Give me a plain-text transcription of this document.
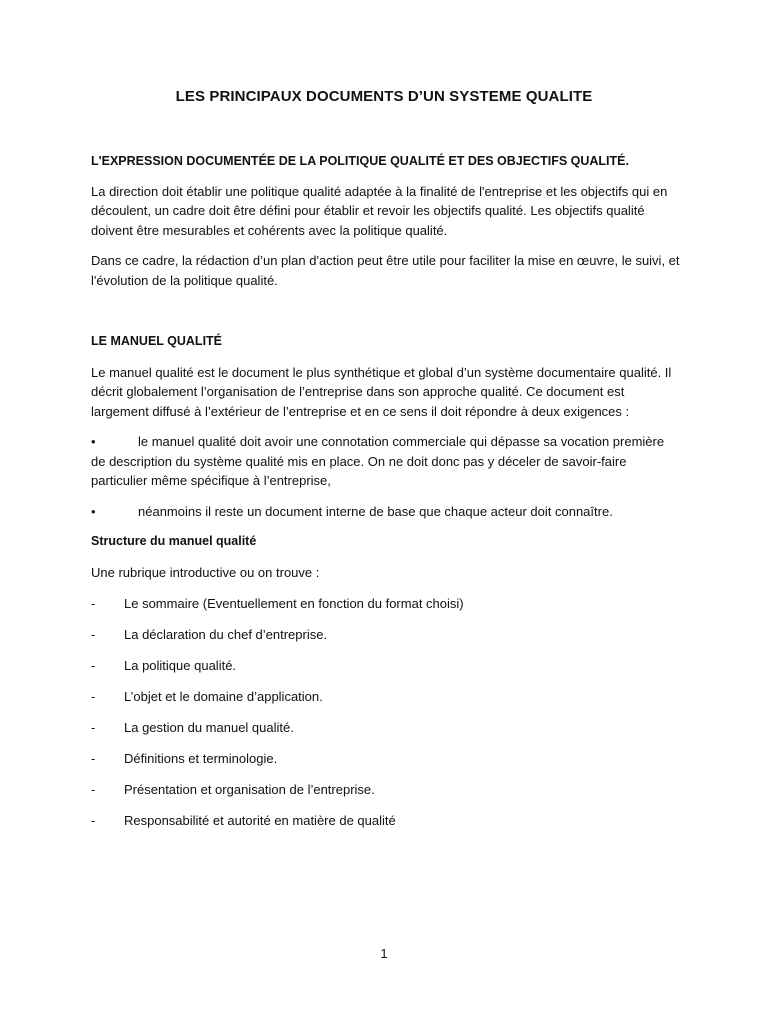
LES PRINCIPAUX DOCUMENTS D’UN SYSTEME QUALITE

L'EXPRESSION DOCUMENTÉE DE LA POLITIQUE QUALITÉ ET DES OBJECTIFS QUALITÉ.

La direction doit établir une politique qualité adaptée à la finalité de l'entreprise et les objectifs qui en découlent, un cadre doit être défini pour établir et revoir les objectifs qualité. Les objectifs qualité doivent être mesurables et cohérents avec la politique qualité.

Dans ce cadre, la rédaction d’un plan d'action peut être utile pour faciliter la mise en œuvre, le suivi, et l'évolution de la politique qualité.

LE MANUEL QUALITÉ

Le manuel qualité est le document le plus synthétique et global d’un système documentaire qualité. Il décrit globalement l’organisation de l’entreprise dans son approche qualité. Ce document est largement diffusé à l’extérieur de l’entreprise et en ce sens il doit répondre à deux exigences :

•	le manuel qualité doit avoir une connotation commerciale qui dépasse sa vocation première de description du système qualité mis en place. On ne doit donc pas y déceler de savoir-faire particulier même spécifique à l’entreprise,

•	néanmoins il reste un document interne de base que chaque acteur doit connaître.

Structure du manuel qualité

Une rubrique introductive ou on trouve :

-	Le sommaire (Eventuellement en fonction du format choisi)
-	La déclaration du chef d’entreprise.
-	La politique qualité.
-	L’objet et le domaine d’application.
-	La gestion du manuel qualité.
-	Définitions et terminologie.
-	Présentation et organisation de l’entreprise.
-	Responsabilité et autorité en matière de qualité
1
